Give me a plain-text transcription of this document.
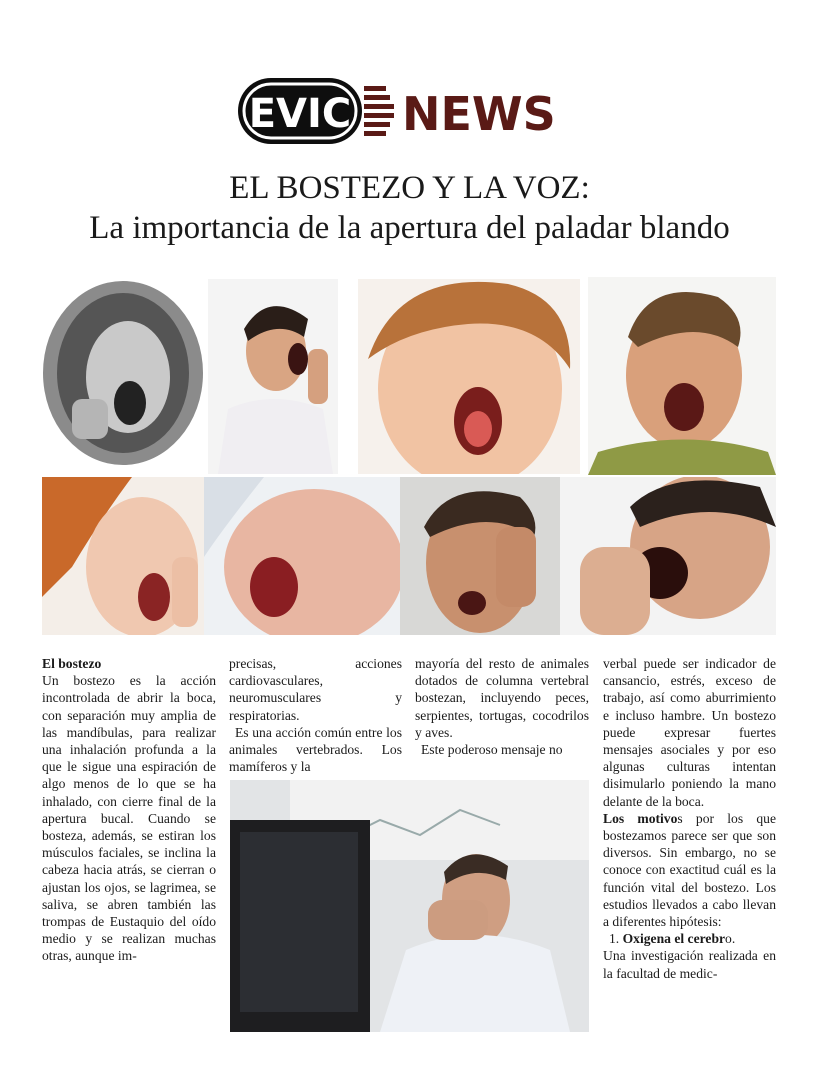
EVIC NEWS
EL BOSTEZO Y LA VOZ:
La importancia de la apertura del paladar blando

El bostezo

Un bostezo es la acción incontrolada de abrir la boca, con separación muy amplia de las mandíbulas, para realizar una inhalación profunda a la que le sigue una espiración de algo menos de lo que se ha inhalado, con cierre final de la apertura bucal. Cuando se bosteza, además, se estiran los músculos faciales, se inclina la cabeza hacia atrás, se cierran o ajustan los ojos, se lagrimea, se saliva, se abren también las trompas de Eustaquio del oído medio y se realizan muchas otras, aunque im-

precisas, acciones cardiovasculares, neuromusculares y respiratorias.

Es una acción común entre los animales vertebrados. Los mamíferos y la

mayoría del resto de animales dotados de columna vertebral bostezan, incluyendo peces, serpientes, tortugas, cocodrilos y aves.

Este poderoso mensaje no

verbal puede ser indicador de cansancio, estrés, exceso de trabajo, así como aburrimiento e incluso hambre. Un bostezo puede expresar fuertes mensajes asociales y por eso algunas culturas intentan disimularlo poniendo la mano delante de la boca.

Los motivos por los que bostezamos parece ser que son diversos. Sin embargo, no se conoce con exactitud cuál es la función vital del bostezo. Los estudios llevados a cabo llevan a diferentes hipótesis:

1. Oxigena el cerebro.

Una investigación realizada en la facultad de medic-
